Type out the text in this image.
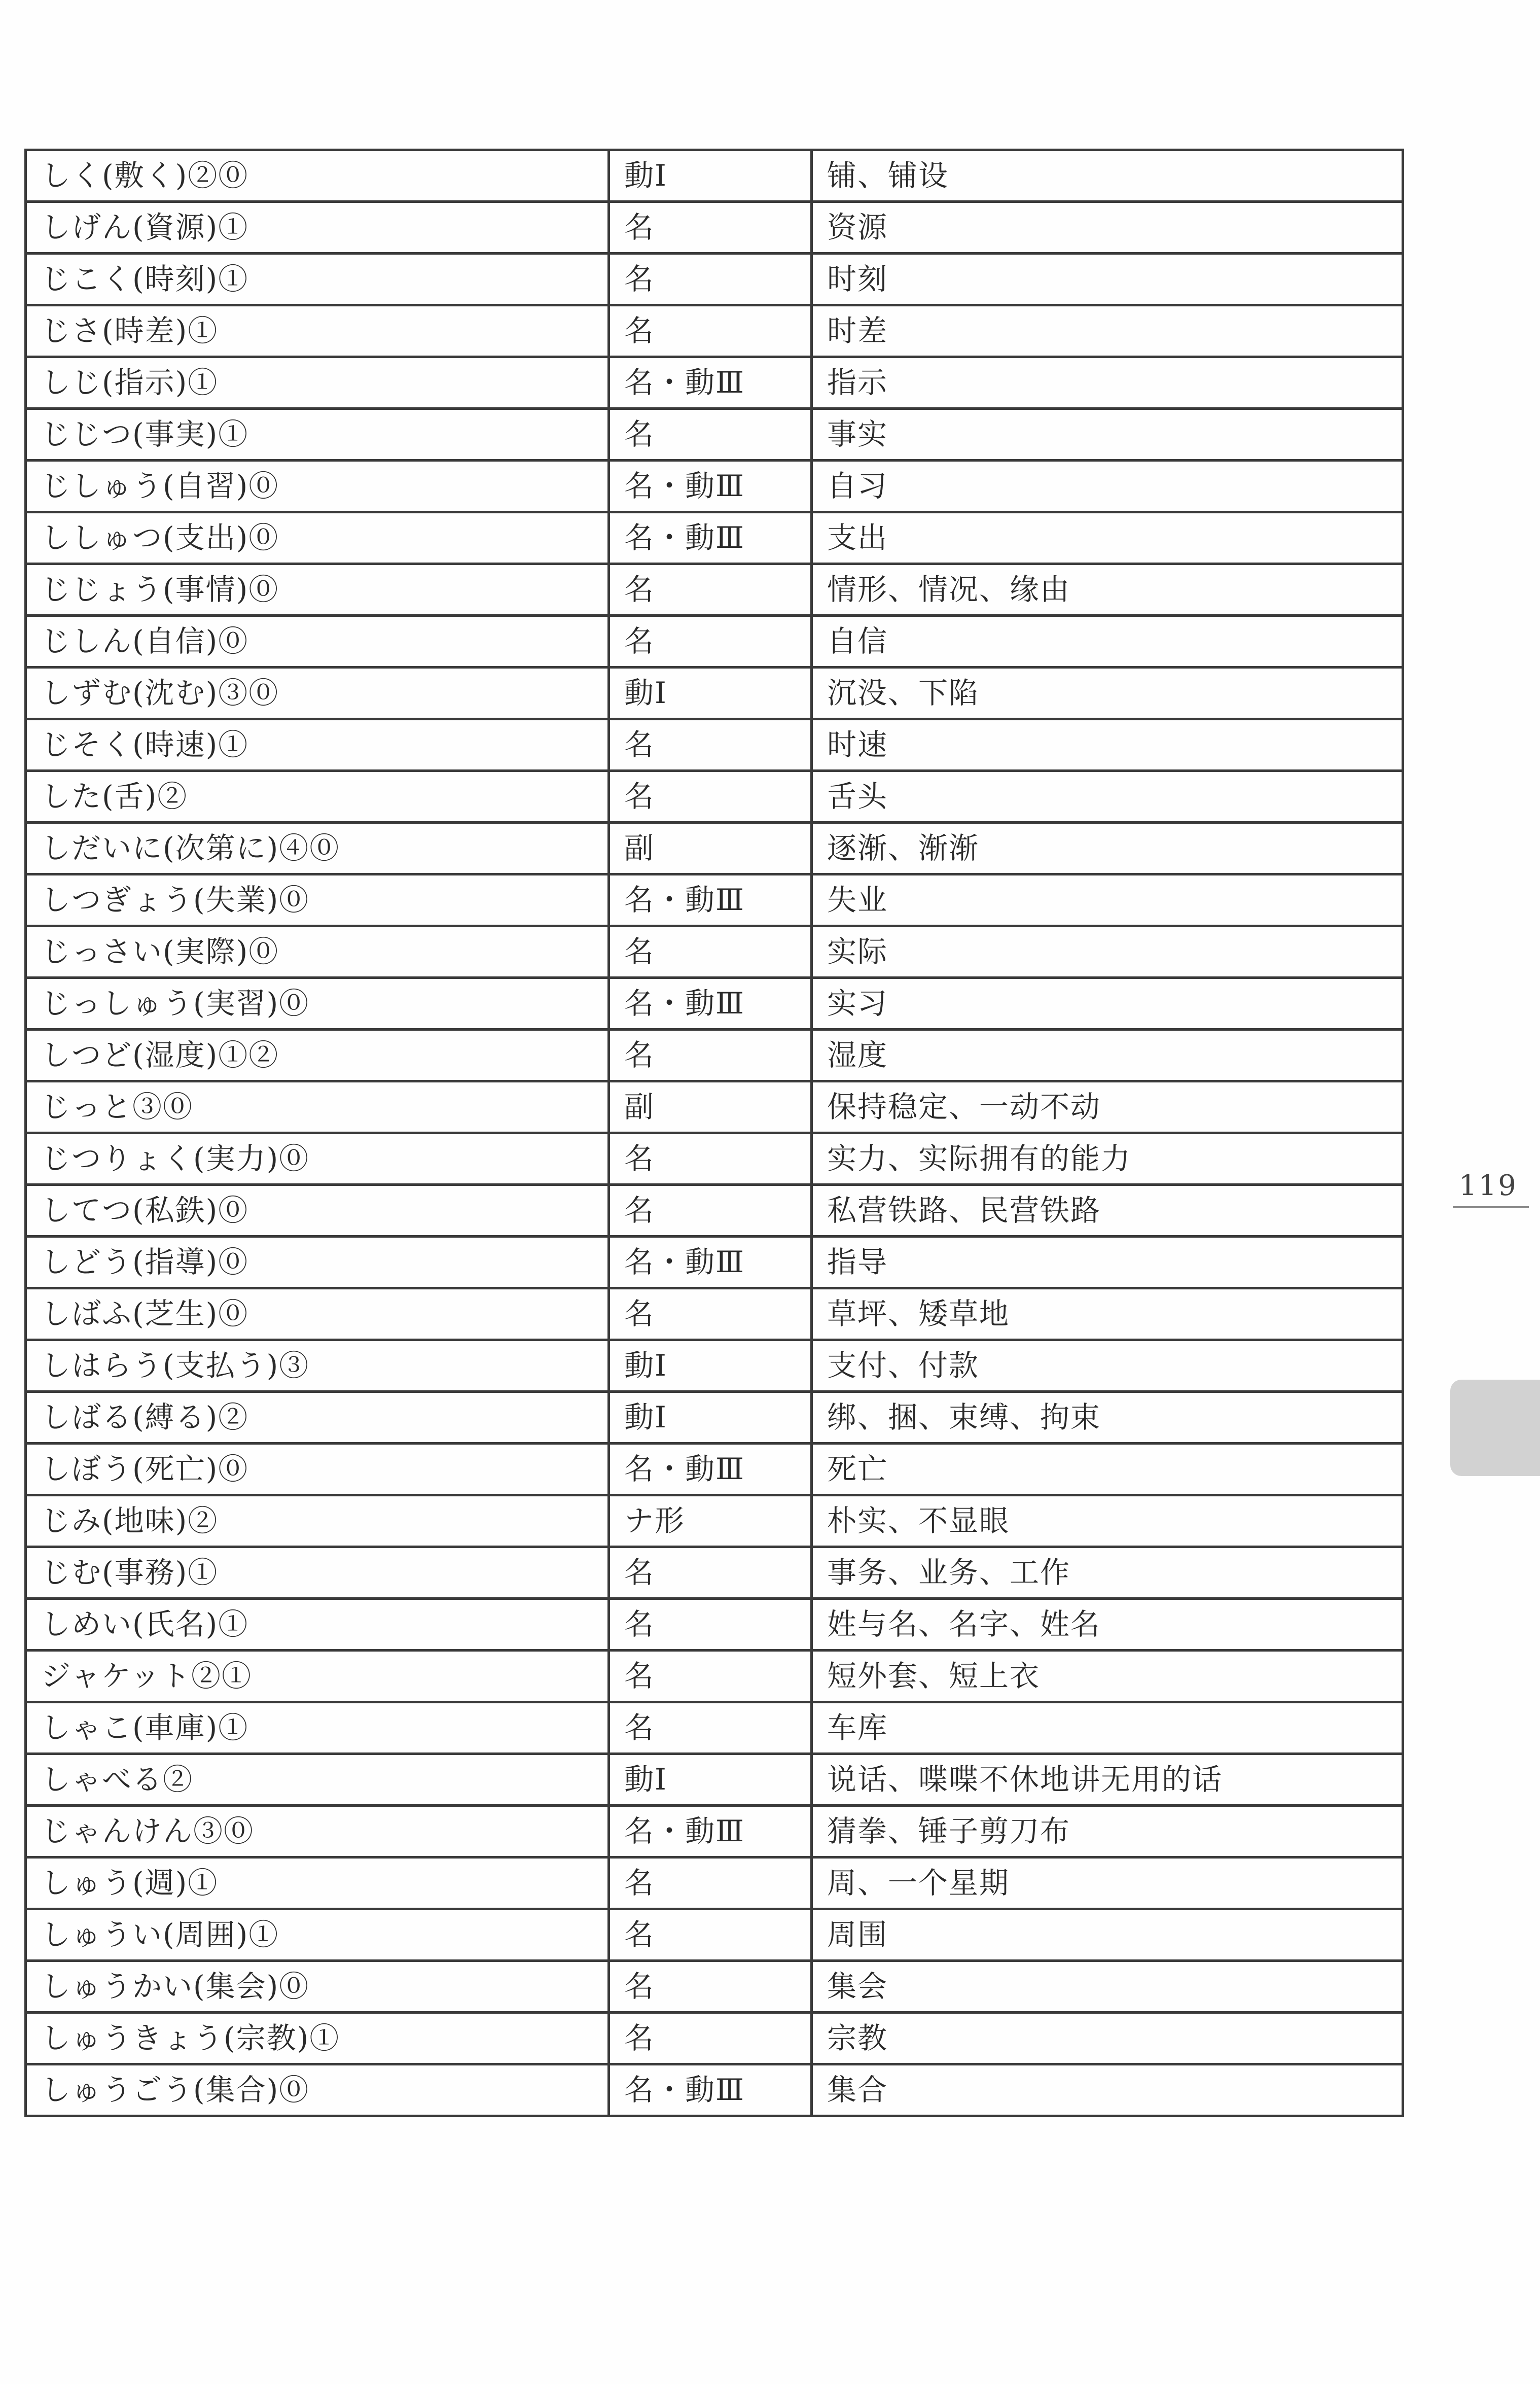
しく(敷く)②⓪	動Ⅰ	铺、铺设
しげん(資源)①	名	资源
じこく(時刻)①	名	时刻
じさ(時差)①	名	时差
しじ(指示)①	名・動Ⅲ	指示
じじつ(事実)①	名	事实
じしゅう(自習)⓪	名・動Ⅲ	自习
ししゅつ(支出)⓪	名・動Ⅲ	支出
じじょう(事情)⓪	名	情形、情况、缘由
じしん(自信)⓪	名	自信
しずむ(沈む)③⓪	動Ⅰ	沉没、下陷
じそく(時速)①	名	时速
した(舌)②	名	舌头
しだいに(次第に)④⓪	副	逐渐、渐渐
しつぎょう(失業)⓪	名・動Ⅲ	失业
じっさい(実際)⓪	名	实际
じっしゅう(実習)⓪	名・動Ⅲ	实习
しつど(湿度)①②	名	湿度
じっと③⓪	副	保持稳定、一动不动
じつりょく(実力)⓪	名	实力、实际拥有的能力
してつ(私鉄)⓪	名	私营铁路、民营铁路
しどう(指導)⓪	名・動Ⅲ	指导
しばふ(芝生)⓪	名	草坪、矮草地
しはらう(支払う)③	動Ⅰ	支付、付款
しばる(縛る)②	動Ⅰ	绑、捆、束缚、拘束
しぼう(死亡)⓪	名・動Ⅲ	死亡
じみ(地味)②	ナ形	朴实、不显眼
じむ(事務)①	名	事务、业务、工作
しめい(氏名)①	名	姓与名、名字、姓名
ジャケット②①	名	短外套、短上衣
しゃこ(車庫)①	名	车库
しゃべる②	動Ⅰ	说话、喋喋不休地讲无用的话
じゃんけん③⓪	名・動Ⅲ	猜拳、锤子剪刀布
しゅう(週)①	名	周、一个星期
しゅうい(周囲)①	名	周围
しゅうかい(集会)⓪	名	集会
しゅうきょう(宗教)①	名	宗教
しゅうごう(集合)⓪	名・動Ⅲ	集合
119
